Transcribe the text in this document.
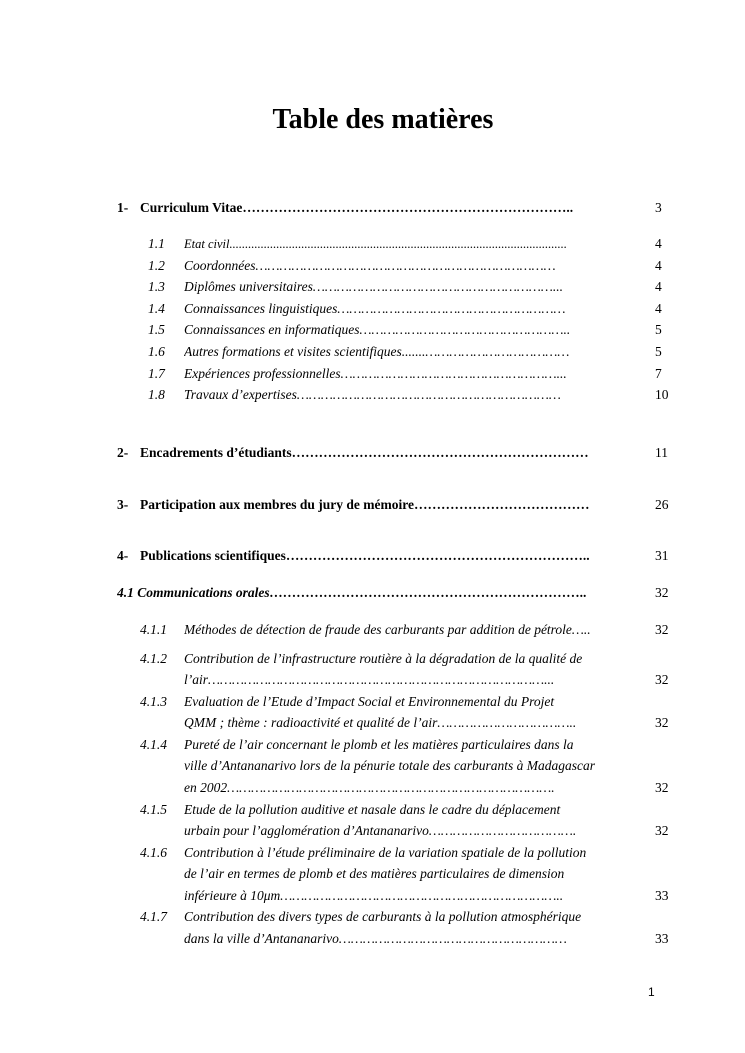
Table des matières
1- Curriculum Vitae………………………………………………………………..	3
1.1 Etat civil............................................................................................................	4
1.2 Coordonnées…………………………………………………………………	4
1.3 Diplômes universitaires……………………………………………………...	4
1.4 Connaissances linguistiques…………………………………………………	4
1.5 Connaissances en informatiques……………………………………………..	5
1.6 Autres formations et visites scientifiques.......………………………………	5
1.7 Expériences professionnelles………………………………………………...	7
1.8 Travaux d’expertises…………………………………………………………	10
2- Encadrements d’étudiants…………………………………………………………	11
3- Participation aux membres du jury de mémoire…………………………………	26
4- Publications scientifiques…………………………………………………………..	31
4.1 Communications orales……………………………………………………………..	32
4.1.1 Méthodes de détection de fraude des carburants par addition de pétrole…..	32
4.1.2 Contribution de l’infrastructure routière à la dégradation de la qualité de
l’air…………………………………………………………………………...	32
4.1.3 Evaluation de l’Etude d’Impact Social et Environnemental du Projet
QMM ; thème : radioactivité et qualité de l’air……………………………..	32
4.1.4 Pureté de l’air concernant le plomb et les matières particulaires dans la
ville d’Antananarivo lors de la pénurie totale des carburants à Madagascar
en 2002……………………………………………………………………….	32
4.1.5 Etude de la pollution auditive et nasale dans le cadre du déplacement
urbain pour l’agglomération d’Antananarivo……………………………….	32
4.1.6 Contribution à l’étude préliminaire de la variation spatiale de la pollution
de l’air en termes de plomb et des matières particulaires de dimension
inférieure à 10μm……………………………………………………………..	33
4.1.7 Contribution des divers types de carburants à la pollution atmosphérique
dans la ville d’Antananarivo…………………………………………………	33
1
